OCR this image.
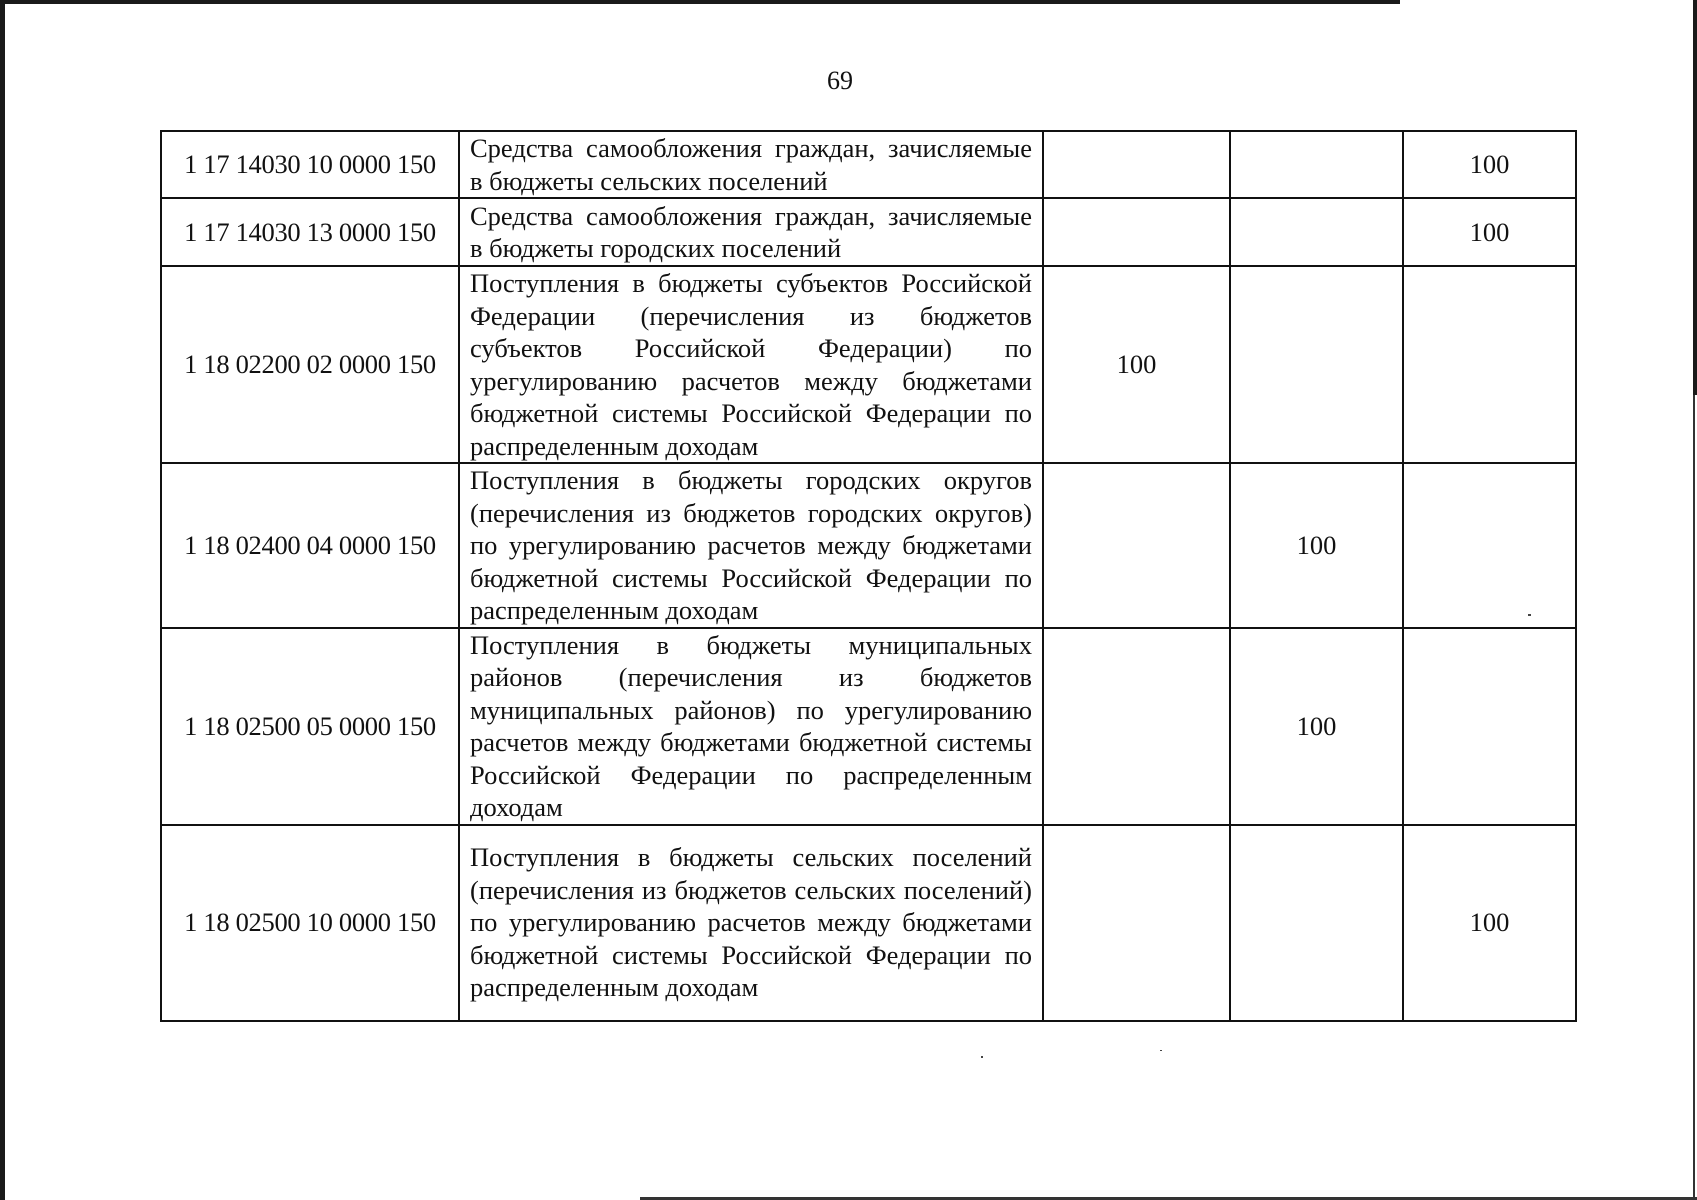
69
1 17 14030 10 0000 150	Средства самообложения граждан, зачисляемые в бюджеты сельских поселений			100
1 17 14030 13 0000 150	Средства самообложения граждан, зачисляемые в бюджеты городских поселений			100
1 18 02200 02 0000 150	Поступления в бюджеты субъектов Российской Федерации (перечисления из бюджетов субъектов Российской Федерации) по урегулированию расчетов между бюджетами бюджетной системы Российской Федерации по распределенным доходам	100		
1 18 02400 04 0000 150	Поступления в бюджеты городских округов (перечисления из бюджетов городских округов) по урегулированию расчетов между бюджетами бюджетной системы Российской Федерации по распределенным доходам		100	
1 18 02500 05 0000 150	Поступления в бюджеты муниципальных районов (перечисления из бюджетов муниципальных районов) по урегулированию расчетов между бюджетами бюджетной системы Российской Федерации по распределенным доходам		100	
1 18 02500 10 0000 150	Поступления в бюджеты сельских поселений (перечисления из бюджетов сельских поселений) по урегулированию расчетов между бюджетами бюджетной системы Российской Федерации по распределенным доходам			100
